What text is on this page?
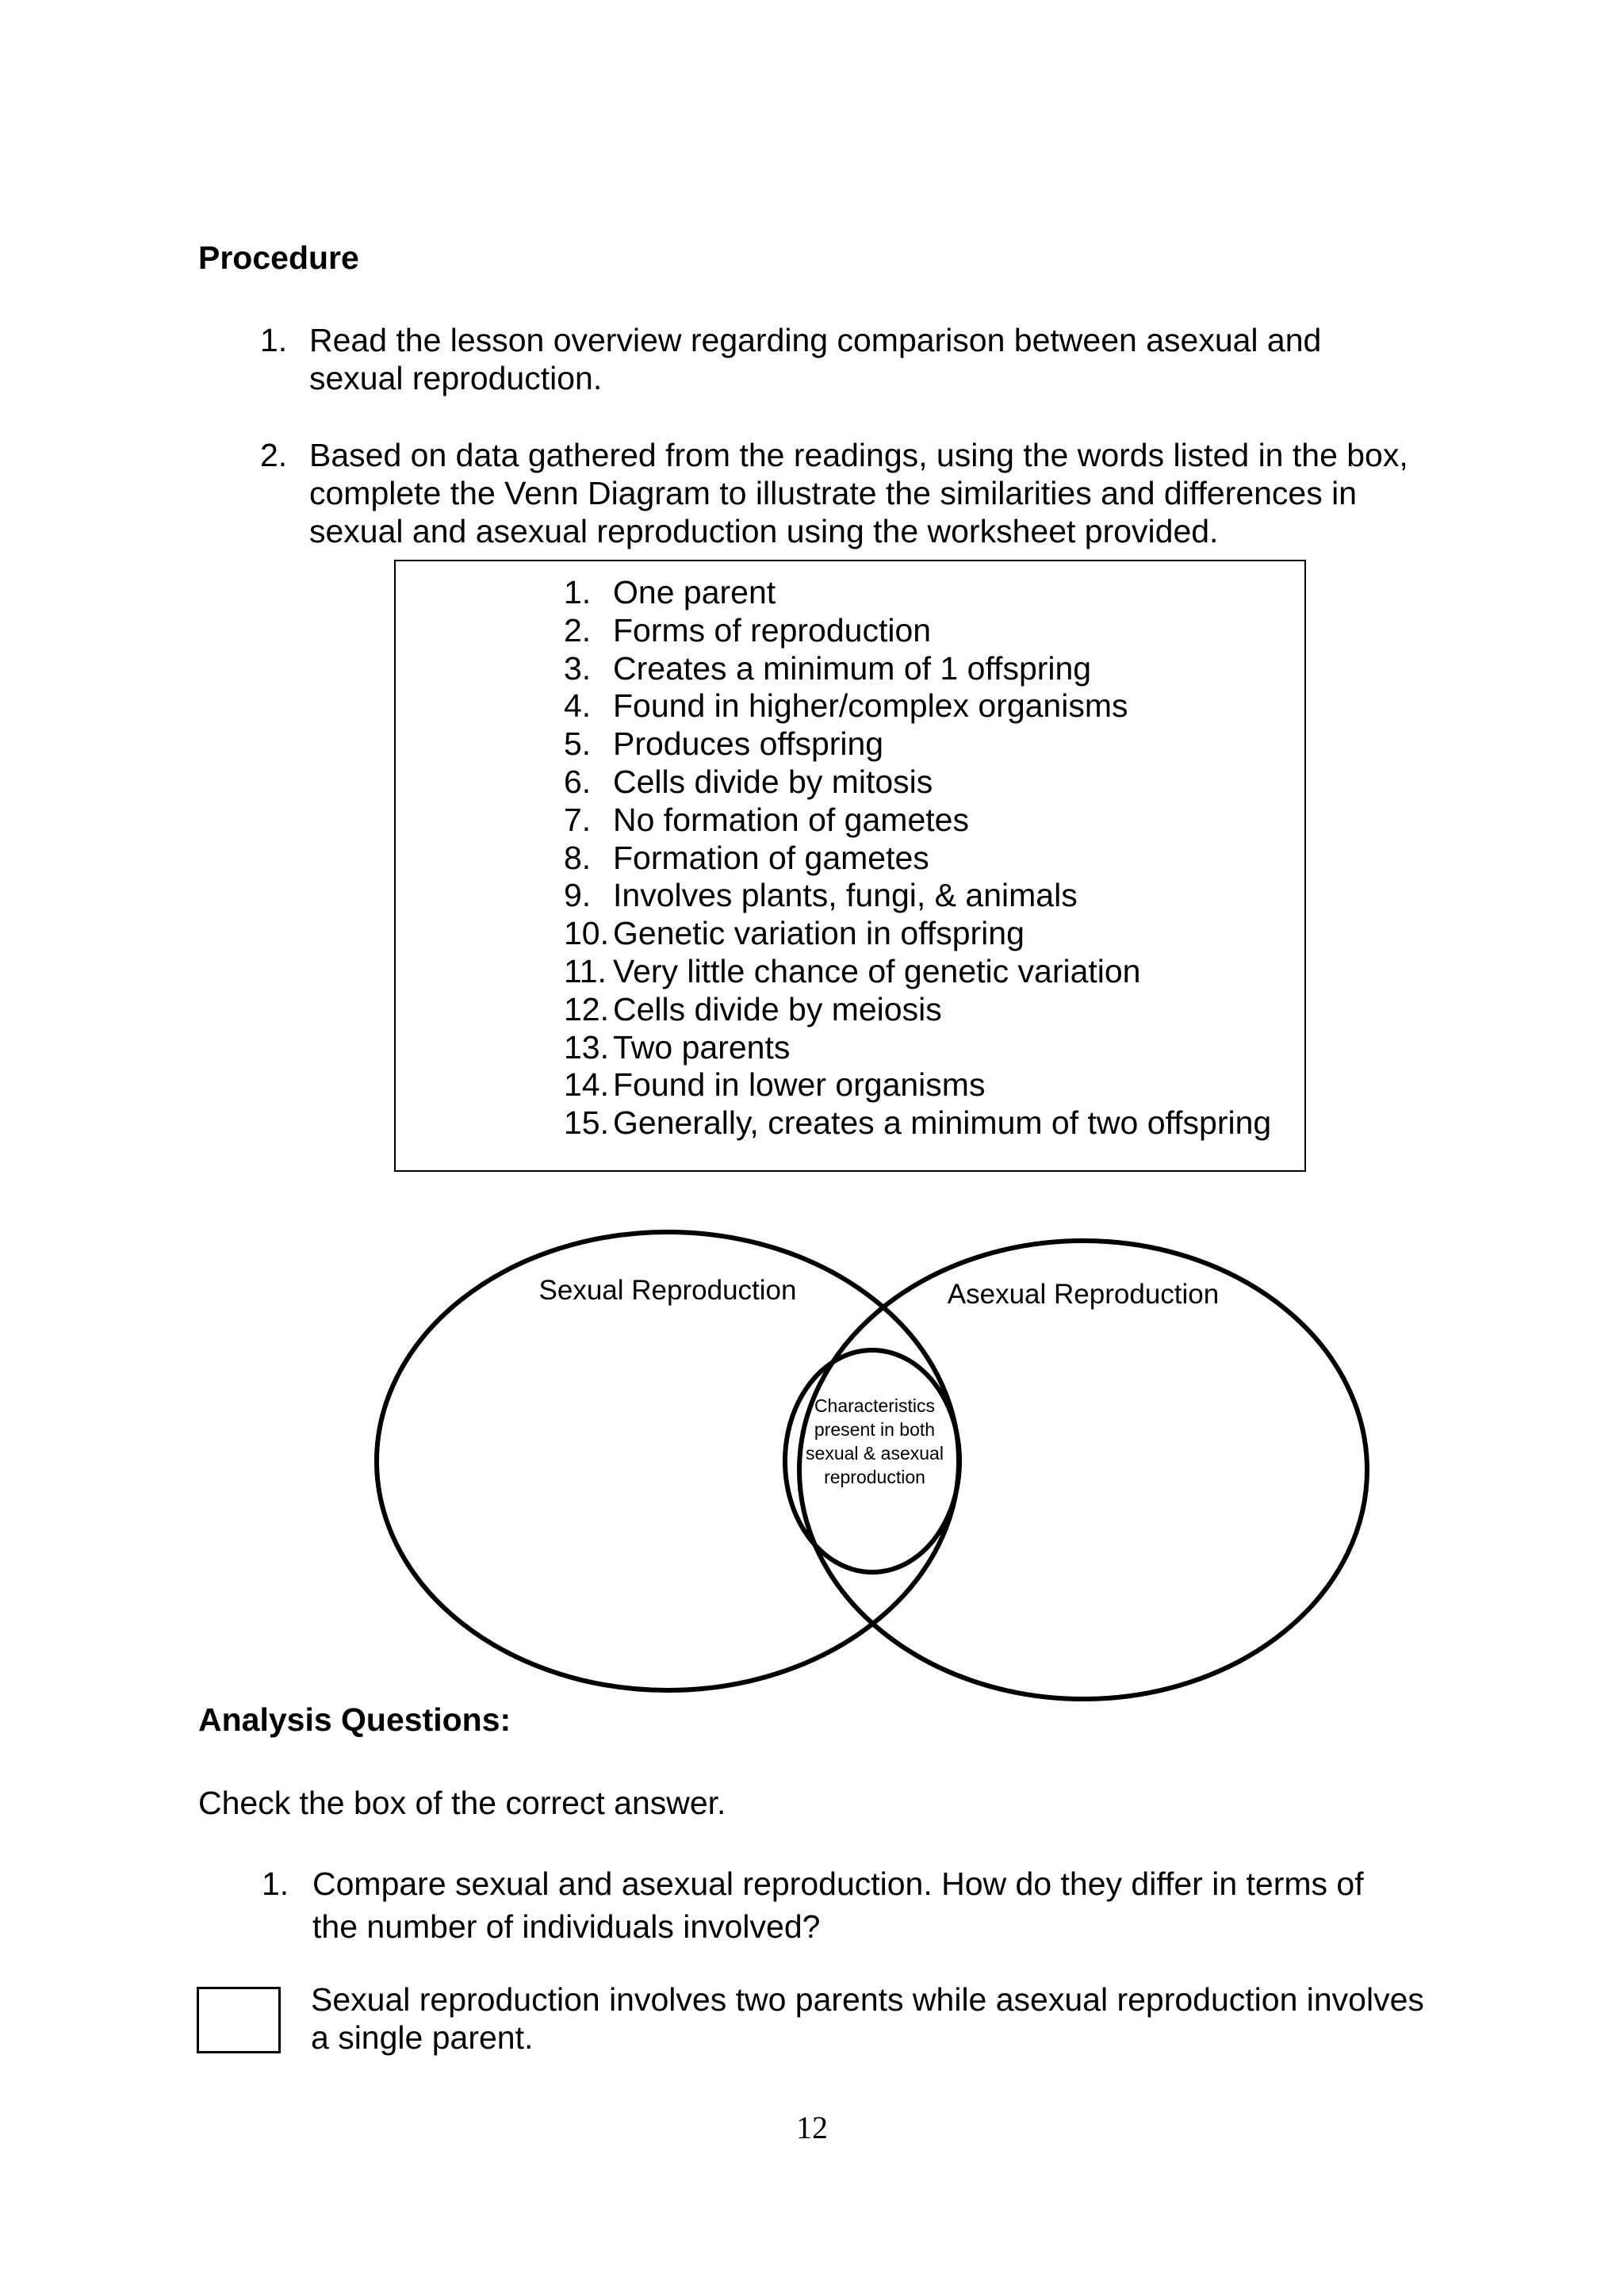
Procedure
1. Read the lesson overview regarding comparison between asexual and
sexual reproduction.
2. Based on data gathered from the readings, using the words listed in the box,
complete the Venn Diagram to illustrate the similarities and differences in
sexual and asexual reproduction using the worksheet provided.
1. One parent
2. Forms of reproduction
3. Creates a minimum of 1 offspring
4. Found in higher/complex organisms
5. Produces offspring
6. Cells divide by mitosis
7. No formation of gametes
8. Formation of gametes
9. Involves plants, fungi, & animals
10. Genetic variation in offspring
11. Very little chance of genetic variation
12. Cells divide by meiosis
13. Two parents
14. Found in lower organisms
15. Generally, creates a minimum of two offspring
Sexual Reproduction	Asexual Reproduction
Characteristics
present in both
sexual & asexual
reproduction
Analysis Questions:
Check the box of the correct answer.
1. Compare sexual and asexual reproduction. How do they differ in terms of
the number of individuals involved?
Sexual reproduction involves two parents while asexual reproduction involves
a single parent.
12
